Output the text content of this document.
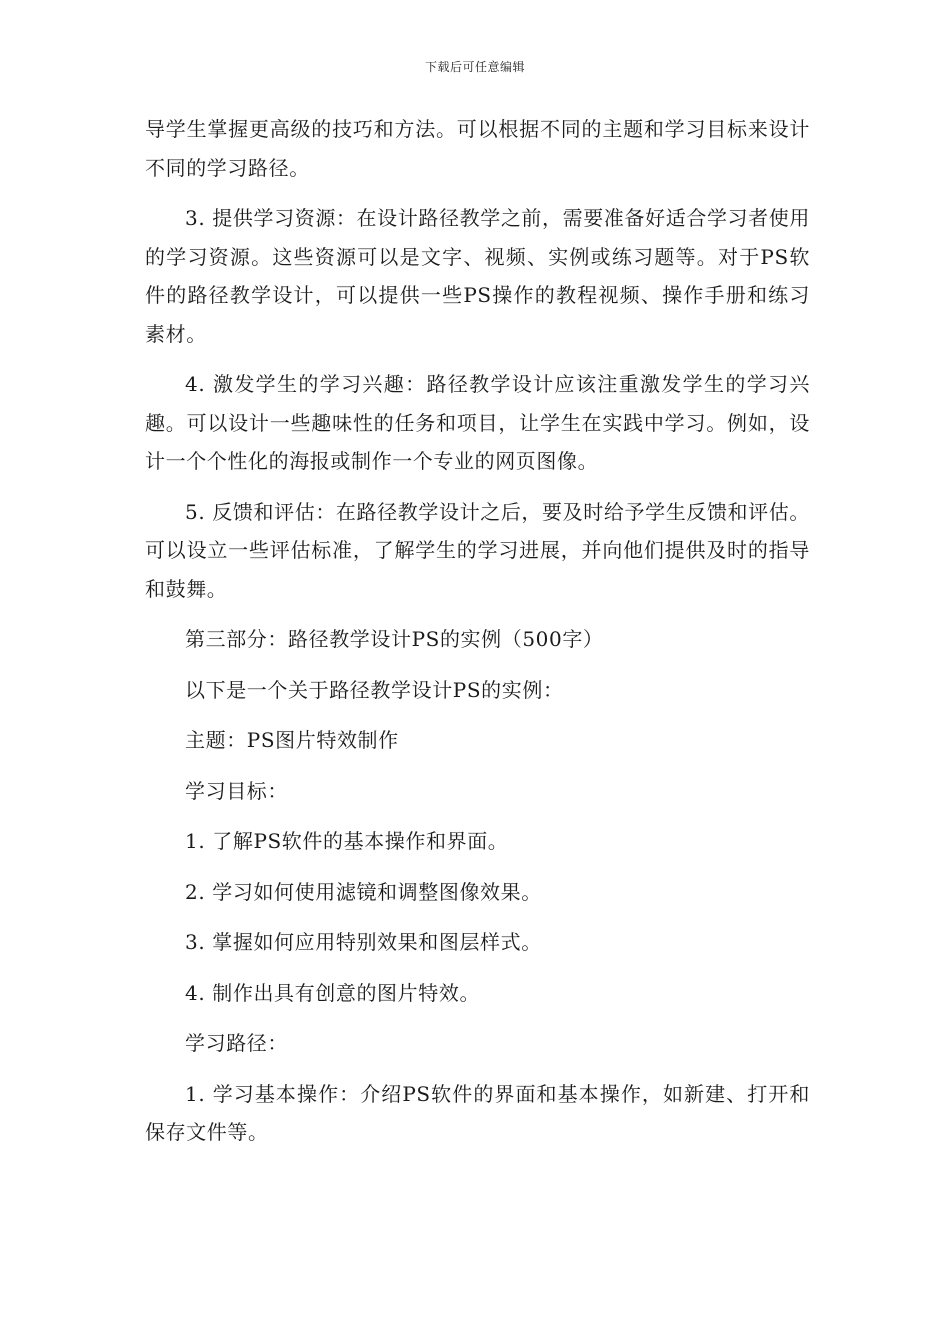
下载后可任意编辑

导学生掌握更高级的技巧和方法。可以根据不同的主题和学习目标来设计不同的学习路径。

3. 提供学习资源：在设计路径教学之前，需要准备好适合学习者使用的学习资源。这些资源可以是文字、视频、实例或练习题等。对于PS软件的路径教学设计，可以提供一些PS操作的教程视频、操作手册和练习素材。

4. 激发学生的学习兴趣：路径教学设计应该注重激发学生的学习兴趣。可以设计一些趣味性的任务和项目，让学生在实践中学习。例如，设计一个个性化的海报或制作一个专业的网页图像。

5. 反馈和评估：在路径教学设计之后，要及时给予学生反馈和评估。可以设立一些评估标准，了解学生的学习进展，并向他们提供及时的指导和鼓舞。

第三部分：路径教学设计PS的实例（500字）

以下是一个关于路径教学设计PS的实例：

主题：PS图片特效制作

学习目标：

1. 了解PS软件的基本操作和界面。

2. 学习如何使用滤镜和调整图像效果。

3. 掌握如何应用特别效果和图层样式。

4. 制作出具有创意的图片特效。

学习路径：

1. 学习基本操作：介绍PS软件的界面和基本操作，如新建、打开和保存文件等。
